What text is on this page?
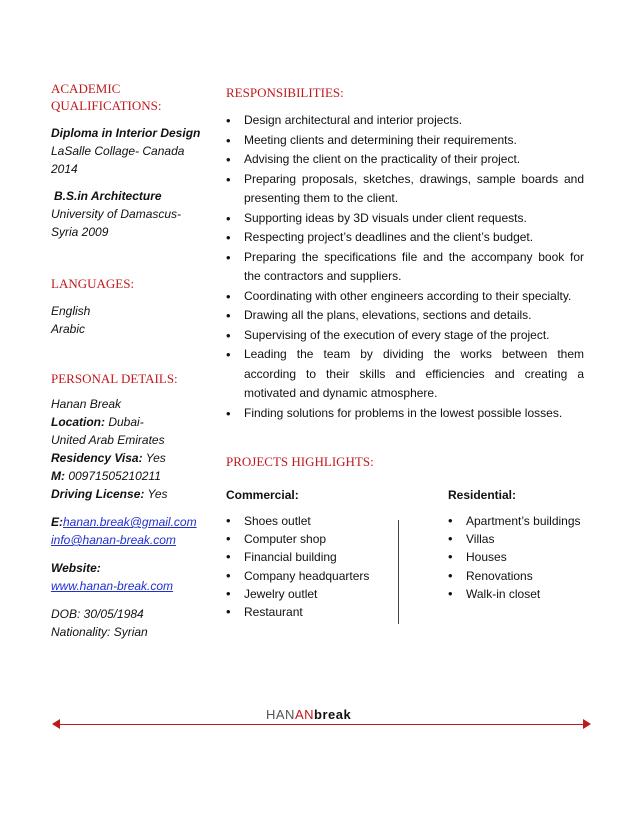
ACADEMIC QUALIFICATIONS:
Diploma in Interior Design
LaSalle Collage- Canada
2014
B.S.in Architecture
University of Damascus-
Syria 2009
LANGUAGES:
English
Arabic
PERSONAL DETAILS:
Hanan Break
Location: Dubai-
United Arab Emirates
Residency Visa: Yes
M: 00971505210211
Driving License: Yes
E:hanan.break@gmail.com
info@hanan-break.com
Website:
www.hanan-break.com
DOB: 30/05/1984
Nationality: Syrian
RESPONSIBILITIES:
• Design architectural and interior projects.
• Meeting clients and determining their requirements.
• Advising the client on the practicality of their project.
• Preparing proposals, sketches, drawings, sample boards and presenting them to the client.
• Supporting ideas by 3D visuals under client requests.
• Respecting project’s deadlines and the client’s budget.
• Preparing the specifications file and the accompany book for the contractors and suppliers.
• Coordinating with other engineers according to their specialty.
• Drawing all the plans, elevations, sections and details.
• Supervising of the execution of every stage of the project.
• Leading the team by dividing the works between them according to their skills and efficiencies and creating a motivated and dynamic atmosphere.
• Finding solutions for problems in the lowest possible losses.
PROJECTS HIGHLIGHTS:
Commercial:
• Shoes outlet
• Computer shop
• Financial building
• Company headquarters
• Jewelry outlet
• Restaurant
Residential:
• Apartment’s buildings
• Villas
• Houses
• Renovations
• Walk-in closet
HANANbreak
